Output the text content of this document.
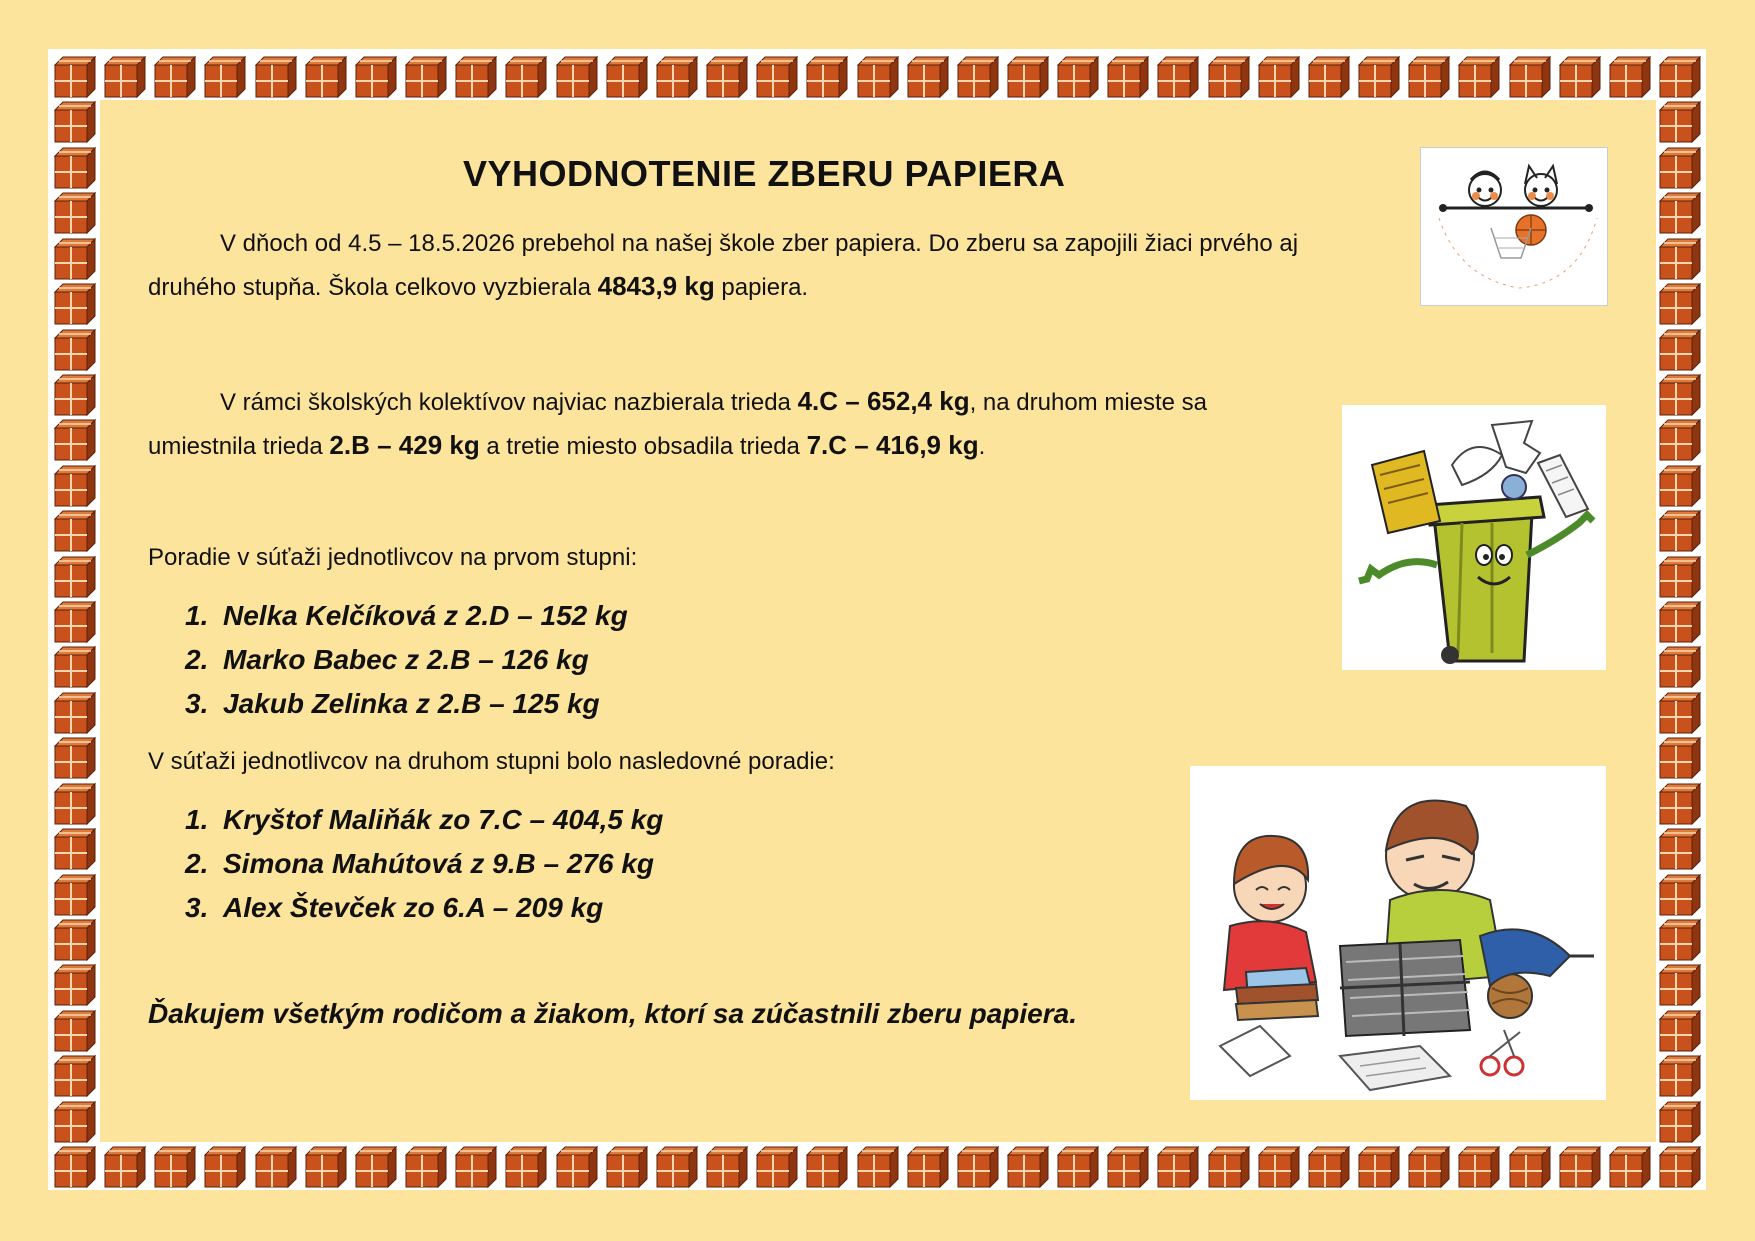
VYHODNOTENIE ZBERU PAPIERA

V dňoch od 4.5 – 18.5.2026 prebehol na našej škole zber papiera. Do zberu sa zapojili žiaci prvého aj druhého stupňa. Škola celkovo vyzbierala 4843,9 kg papiera.

V rámci školských kolektívov najviac nazbierala trieda 4.C – 652,4 kg, na druhom mieste sa umiestnila trieda 2.B – 429 kg a tretie miesto obsadila trieda 7.C – 416,9 kg.

Poradie v súťaži jednotlivcov na prvom stupni:

1. Nelka Kelčíková z 2.D – 152 kg
2. Marko Babec z 2.B – 126 kg
3. Jakub Zelinka z 2.B – 125 kg

V súťaži jednotlivcov na druhom stupni bolo nasledovné poradie:

1. Kryštof Maliňák zo 7.C – 404,5 kg
2. Simona Mahútová z 9.B – 276 kg
3. Alex Števček zo 6.A – 209 kg

Ďakujem všetkým rodičom a žiakom, ktorí sa zúčastnili zberu papiera.
